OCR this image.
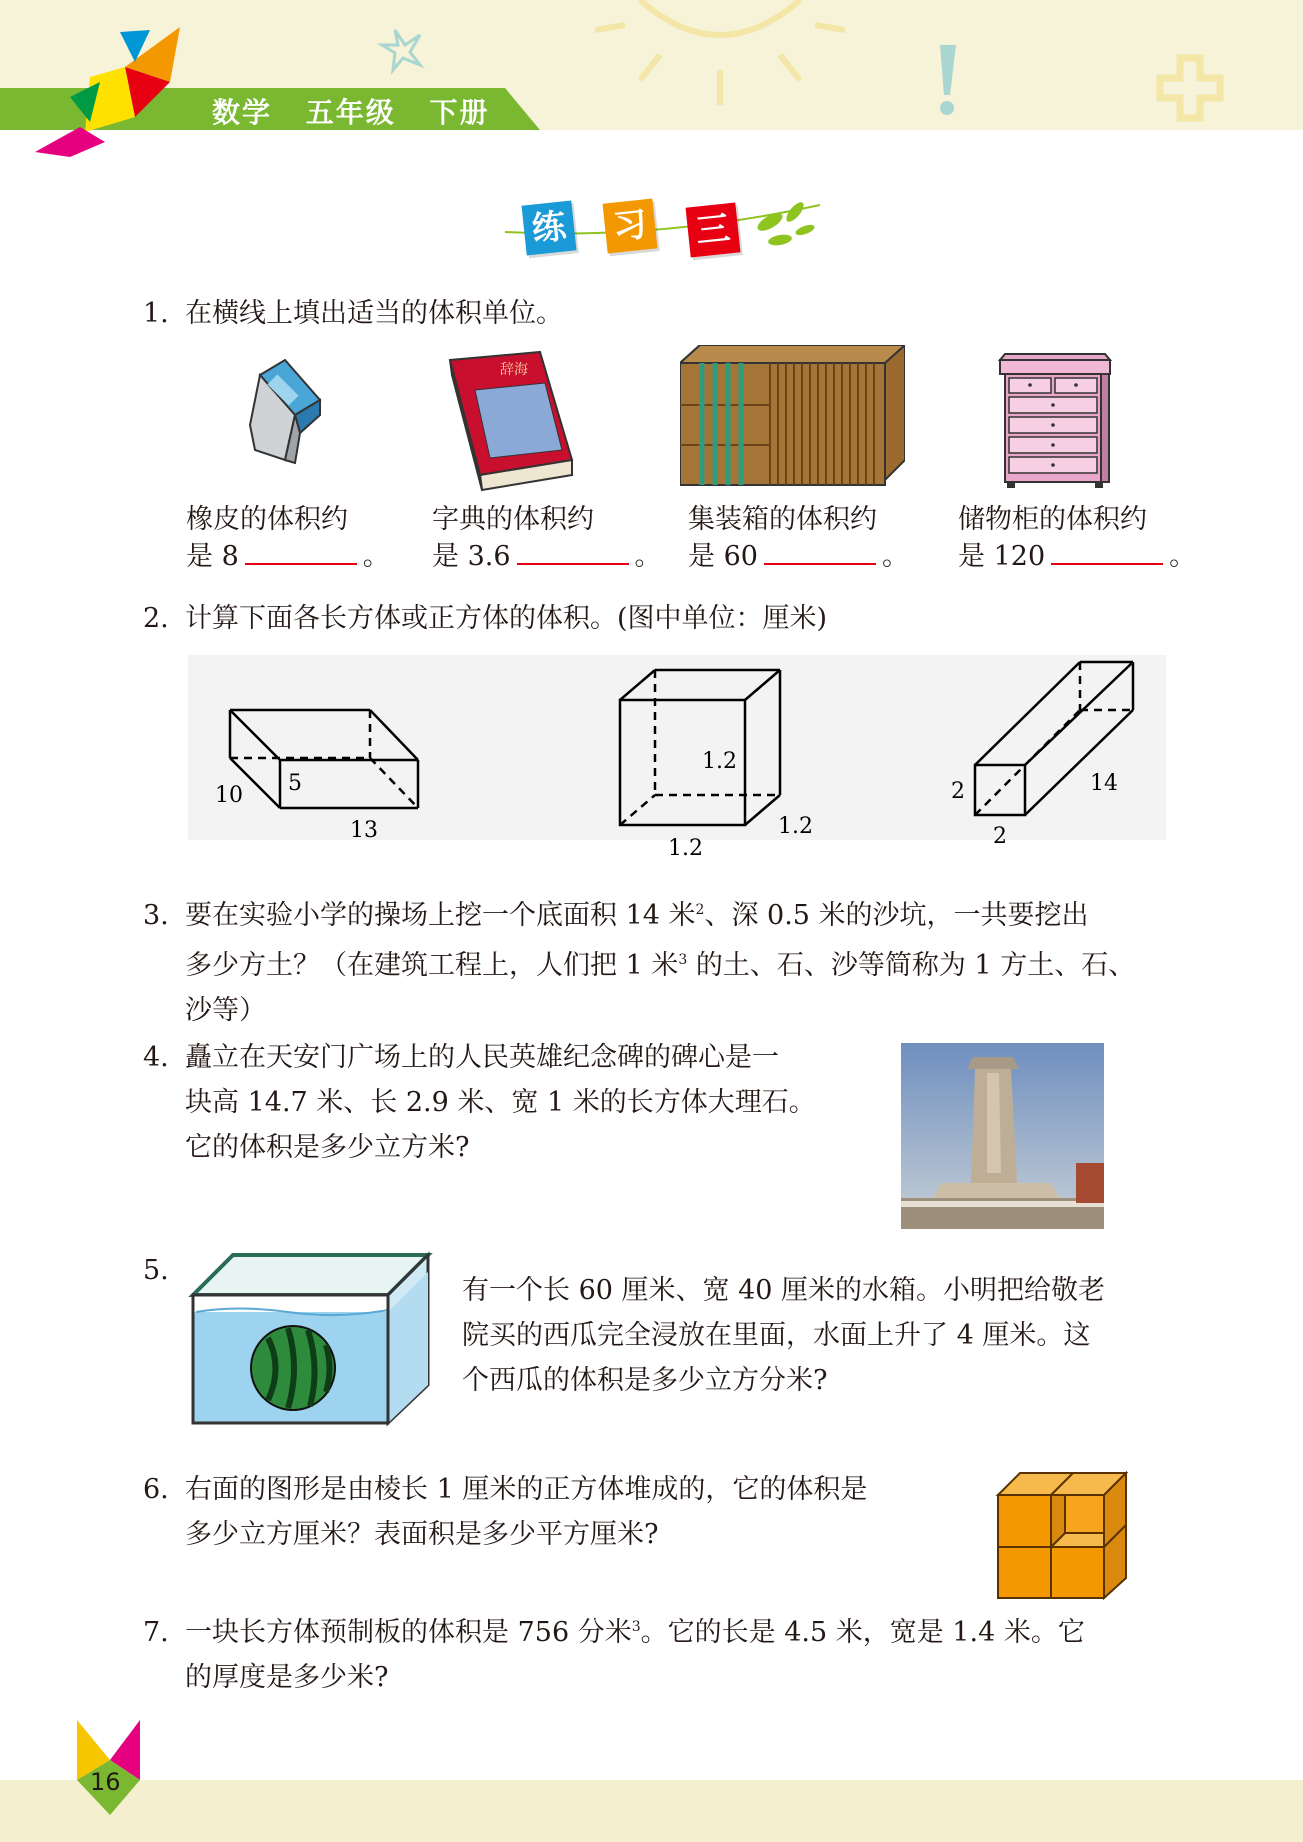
数学 五年级 下册
练 习 三
1. 在横线上填出适当的体积单位。
辞海
橡皮的体积约
是 8	。
字典的体积约
是 3.6	。
集装箱的体积约
是 60	。
储物柜的体积约
是 120	。
2. 计算下面各长方体或正方体的体积。(图中单位：厘米)
10 5
13
1.2
1.2
1.2
2	14
2
3. 要在实验小学的操场上挖一个底面积 14 米$^2$、深 0.5 米的沙坑，一共要挖出
多少方土？（在建筑工程上，人们把 1 米$^3$ 的土、石、沙等简称为 1 方土、石、
沙等）
4. 矗立在天安门广场上的人民英雄纪念碑的碑心是一
块高 14.7 米、长 2.9 米、宽 1 米的长方体大理石。
它的体积是多少立方米?
5.
有一个长 60 厘米、宽 40 厘米的水箱。小明把给敬老
院买的西瓜完全浸放在里面，水面上升了 4 厘米。这
个西瓜的体积是多少立方分米?
6. 右面的图形是由棱长 1 厘米的正方体堆成的，它的体积是
多少立方厘米？表面积是多少平方厘米?
7. 一块长方体预制板的体积是 756 分米$^3$。它的长是 4.5 米，宽是 1.4 米。它
的厚度是多少米?
16
